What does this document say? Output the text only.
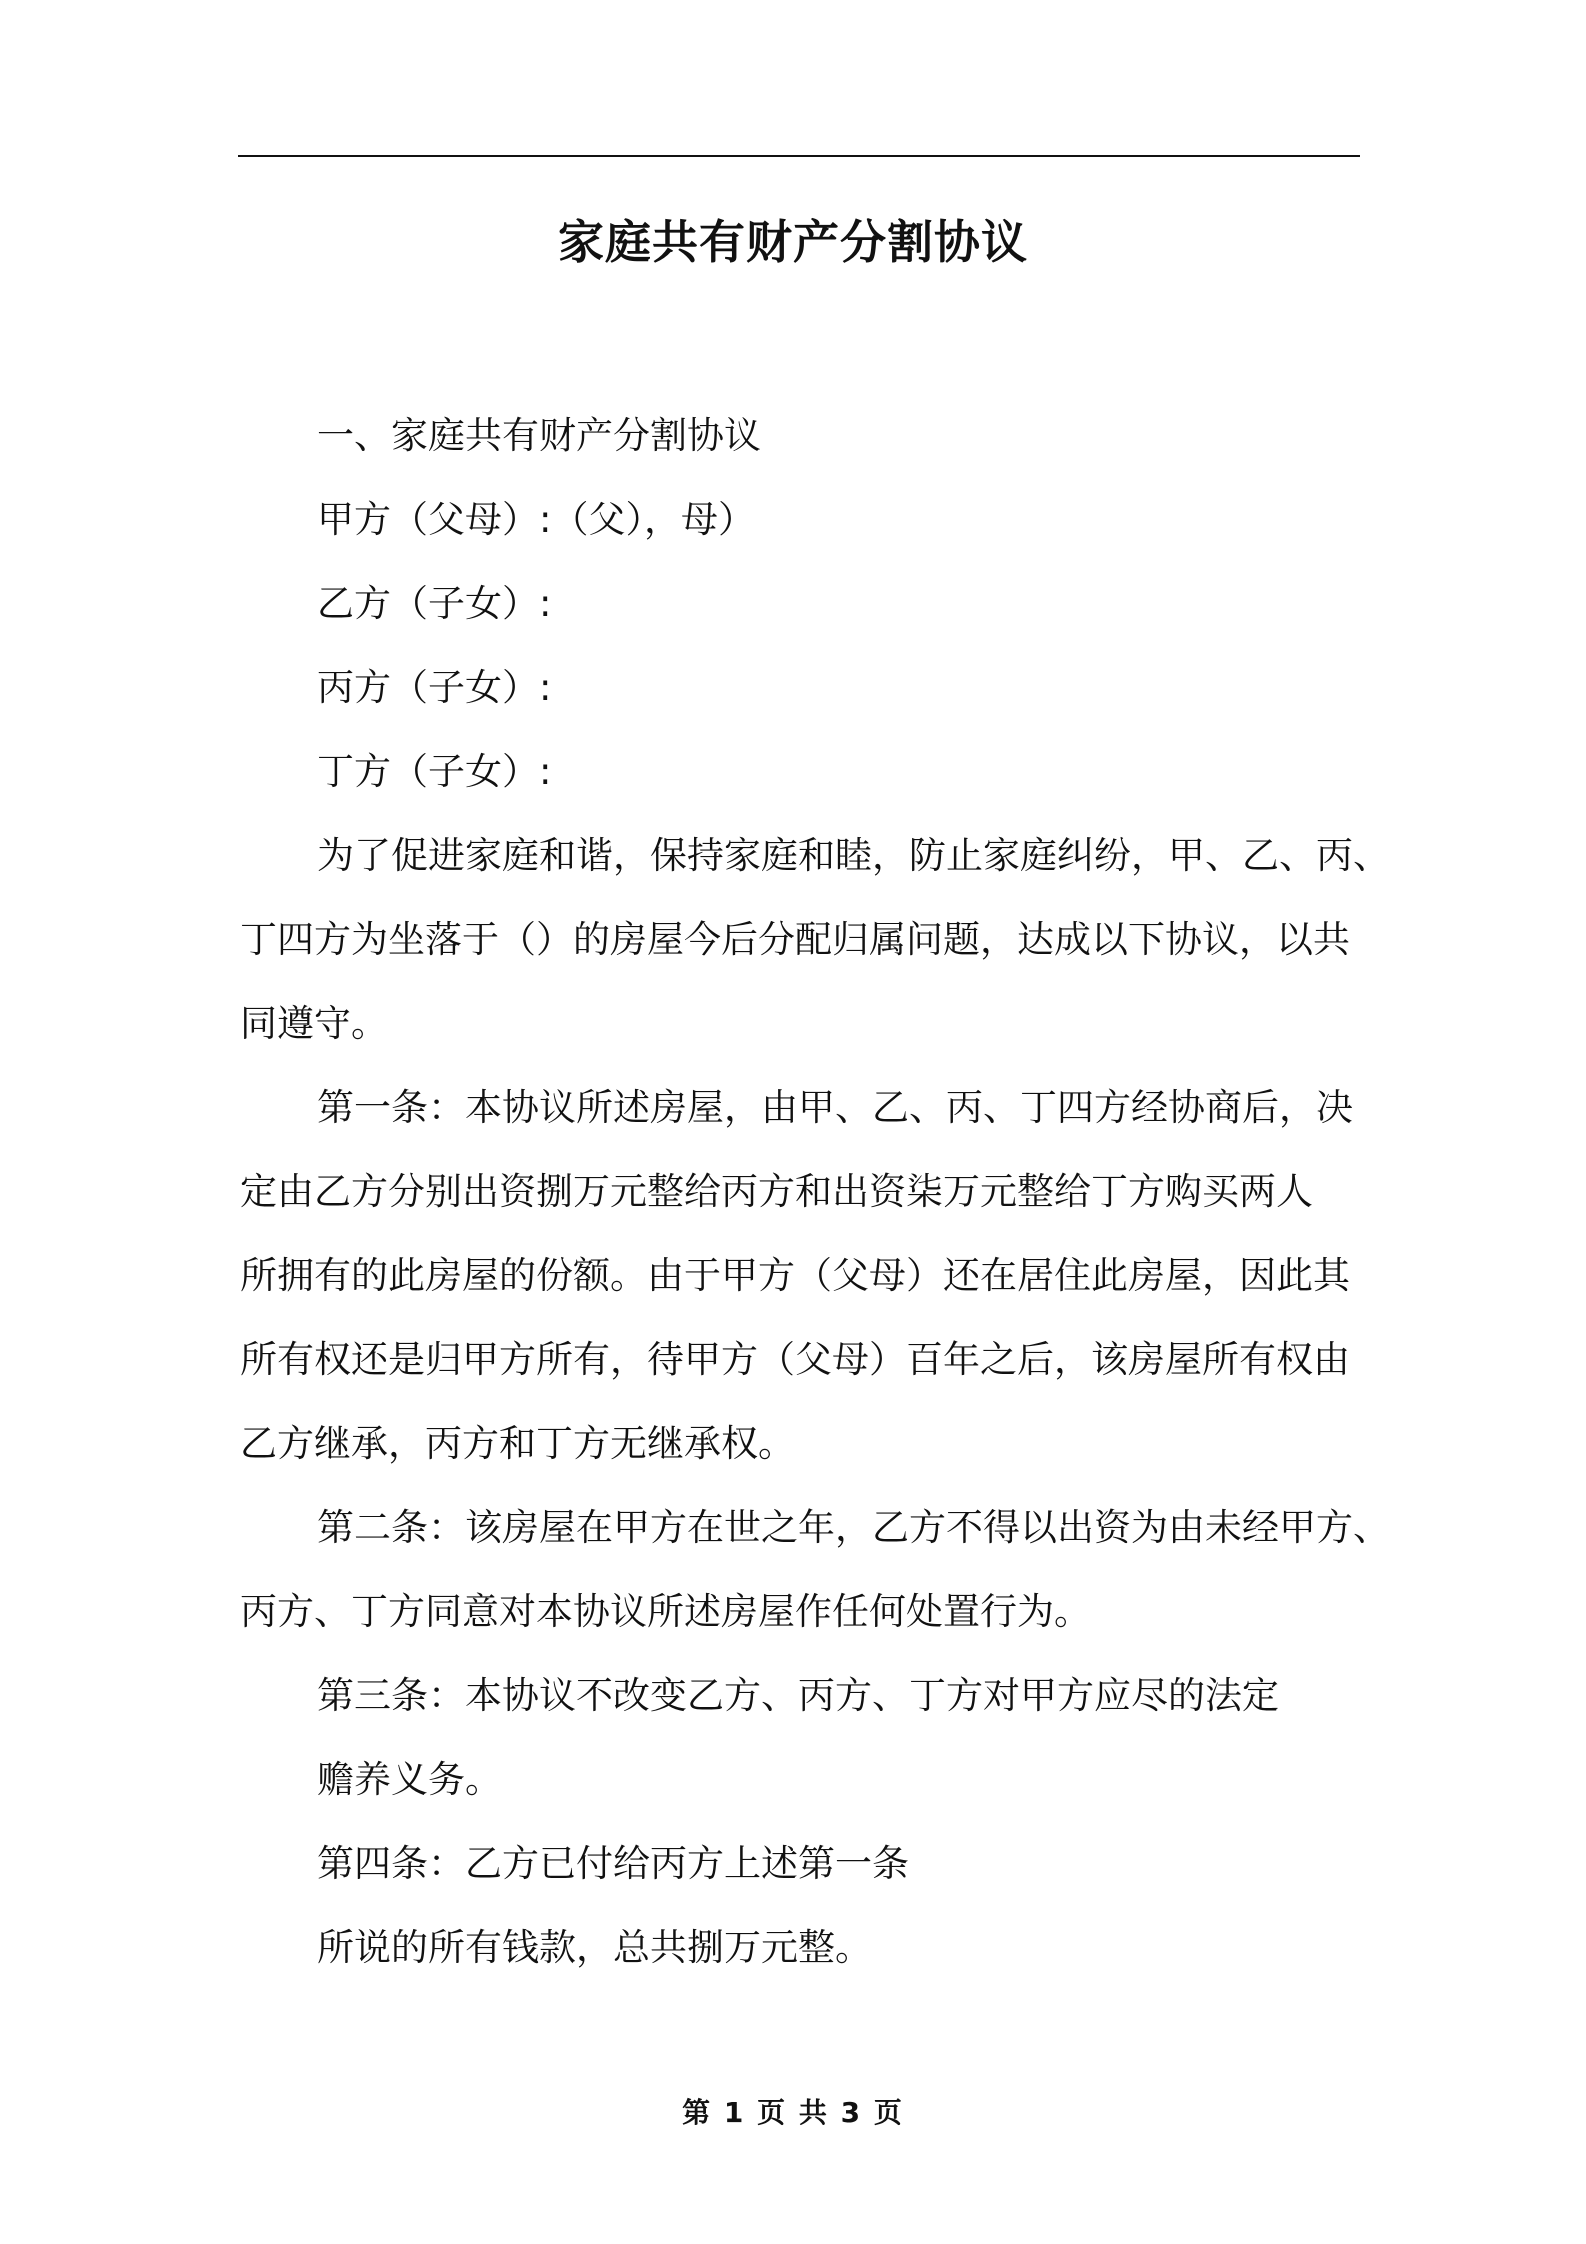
家庭共有财产分割协议
一、家庭共有财产分割协议
甲方（父母）:（父），母）
乙方（子女）:
丙方（子女）:
丁方（子女）:
为了促进家庭和谐，保持家庭和睦，防止家庭纠纷，甲、乙、丙、
丁四方为坐落于（）的房屋今后分配归属问题，达成以下协议，以共
同遵守。
第一条：本协议所述房屋，由甲、乙、丙、丁四方经协商后，决
定由乙方分别出资捌万元整给丙方和出资柒万元整给丁方购买两人
所拥有的此房屋的份额。由于甲方（父母）还在居住此房屋，因此其
所有权还是归甲方所有，待甲方（父母）百年之后，该房屋所有权由
乙方继承，丙方和丁方无继承权。
第二条：该房屋在甲方在世之年，乙方不得以出资为由未经甲方、
丙方、丁方同意对本协议所述房屋作任何处置行为。
第三条：本协议不改变乙方、丙方、丁方对甲方应尽的法定
赡养义务。
第四条：乙方已付给丙方上述第一条
所说的所有钱款，总共捌万元整。
第 1 页 共 3 页
